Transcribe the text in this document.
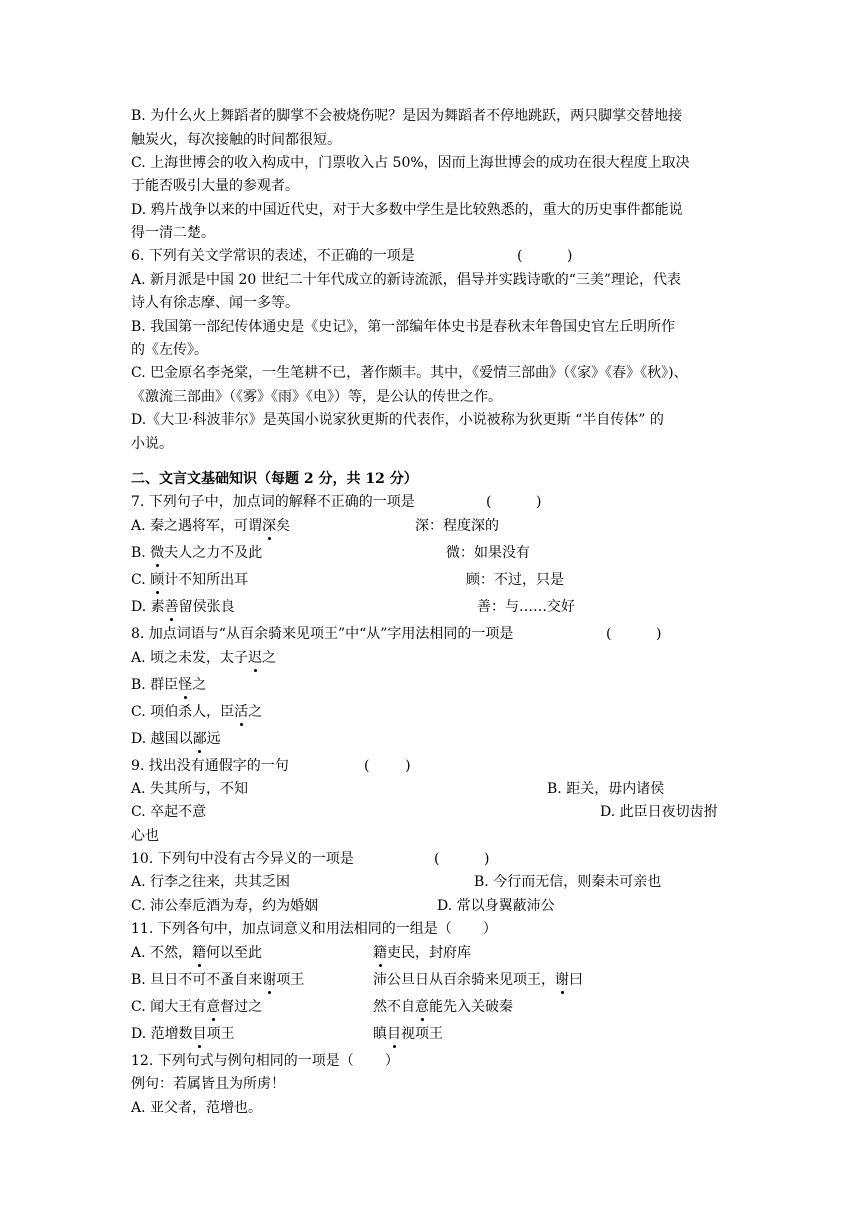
B. 为什么火上舞蹈者的脚掌不会被烧伤呢？是因为舞蹈者不停地跳跃，两只脚掌交替地接
触炭火，每次接触的时间都很短。
C. 上海世博会的收入构成中，门票收入占 50%，因而上海世博会的成功在很大程度上取决
于能否吸引大量的参观者。
D. 鸦片战争以来的中国近代史，对于大多数中学生是比较熟悉的，重大的历史事件都能说
得一清二楚。
6. 下列有关文学常识的表述，不正确的一项是	(          )
A. 新月派是中国 20 世纪二十年代成立的新诗流派，倡导并实践诗歌的“三美”理论，代表
诗人有徐志摩、闻一多等。
B. 我国第一部纪传体通史是《史记》，第一部编年体史书是春秋末年鲁国史官左丘明所作
的《左传》。
C. 巴金原名李尧棠，一生笔耕不已，著作颇丰。其中，《爱情三部曲》（《家》《春》《秋》)、
《激流三部曲》（《雾》《雨》《电》）等，是公认的传世之作。
D.《大卫·科波菲尔》是英国小说家狄更斯的代表作，小说被称为狄更斯 “半自传体” 的
小说。
二、文言文基础知识（每题 2 分，共 12 分）
7. 下列句子中，加点词的解释不正确的一项是	(          )
A. 秦之遇将军，可谓深矣	深：程度深的
B. 微夫人之力不及此	微：如果没有
C. 顾计不知所出耳	顾：不过，只是
D. 素善留侯张良	善：与……交好
8. 加点词语与“从百余骑来见项王”中“从”字用法相同的一项是	(          )
A. 顷之未发，太子迟之
B. 群臣怪之
C. 项伯杀人，臣活之
D. 越国以鄙远
9. 找出没有通假字的一句	(        )
A. 失其所与，不知	B. 距关，毋内诸侯
C. 卒起不意	D. 此臣日夜切齿拊
心也
10. 下列句中没有古今异义的一项是	(          )
A. 行李之往来，共其乏困	B. 今行而无信，则秦未可亲也
C. 沛公奉卮酒为寿，约为婚姻	D. 常以身翼蔽沛公
11. 下列各句中，加点词意义和用法相同的一组是（       ）
A. 不然，籍何以至此	籍吏民，封府库
B. 旦日不可不蚤自来谢项王	沛公旦日从百余骑来见项王，谢曰
C. 闻大王有意督过之	然不自意能先入关破秦
D. 范增数目项王	瞋目视项王
12. 下列句式与例句相同的一项是（       ）
例句：若属皆且为所虏！
A. 亚父者，范增也。
